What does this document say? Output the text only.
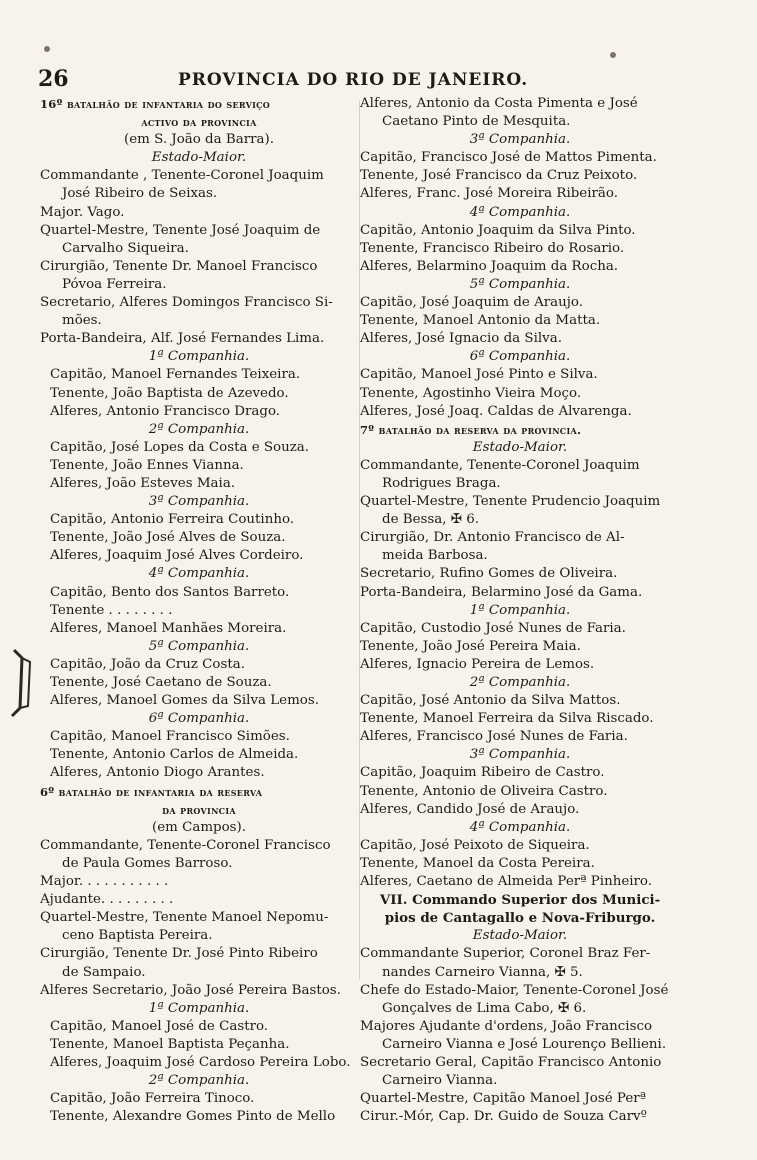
26	PROVINCIA DO RIO DE JANEIRO.
16º batalhão de infantaria do serviço
activo da provincia
(em S. João da Barra).
Estado-Maior.
Commandante , Tenente-Coronel Joaquim
José Ribeiro de Seixas.
Major. Vago.
Quartel-Mestre, Tenente José Joaquim de
Carvalho Siqueira.
Cirurgião, Tenente Dr. Manoel Francisco
Póvoa Ferreira.
Secretario, Alferes Domingos Francisco Si-
mões.
Porta-Bandeira, Alf. José Fernandes Lima.
1ª Companhia.
Capitão, Manoel Fernandes Teixeira.
Tenente, João Baptista de Azevedo.
Alferes, Antonio Francisco Drago.
2ª Companhia.
Capitão, José Lopes da Costa e Souza.
Tenente, João Ennes Vianna.
Alferes, João Esteves Maia.
3ª Companhia.
Capitão, Antonio Ferreira Coutinho.
Tenente, João José Alves de Souza.
Alferes, Joaquim José Alves Cordeiro.
4ª Companhia.
Capitão, Bento dos Santos Barreto.
Tenente . . . . . . . .
Alferes, Manoel Manhães Moreira.
5ª Companhia.
Capitão, João da Cruz Costa.
Tenente, José Caetano de Souza.
Alferes, Manoel Gomes da Silva Lemos.
6ª Companhia.
Capitão, Manoel Francisco Simões.
Tenente, Antonio Carlos de Almeida.
Alferes, Antonio Diogo Arantes.
6º batalhão de infantaria da reserva
da provincia
(em Campos).
Commandante, Tenente-Coronel Francisco
de Paula Gomes Barroso.
Major. . . . . . . . . . .
Ajudante. . . . . . . . .
Quartel-Mestre, Tenente Manoel Nepomu-
ceno Baptista Pereira.
Cirurgião, Tenente Dr. José Pinto Ribeiro
de Sampaio.
Alferes Secretario, João José Pereira Bastos.
1ª Companhia.
Capitão, Manoel José de Castro.
Tenente, Manoel Baptista Peçanha.
Alferes, Joaquim José Cardoso Pereira Lobo.
2ª Companhia.
Capitão, João Ferreira Tinoco.
Tenente, Alexandre Gomes Pinto de Mello
Alferes, Antonio da Costa Pimenta e José
Caetano Pinto de Mesquita.
3ª Companhia.
Capitão, Francisco José de Mattos Pimenta.
Tenente, José Francisco da Cruz Peixoto.
Alferes, Franc. José Moreira Ribeirão.
4ª Companhia.
Capitão, Antonio Joaquim da Silva Pinto.
Tenente, Francisco Ribeiro do Rosario.
Alferes, Belarmino Joaquim da Rocha.
5ª Companhia.
Capitão, José Joaquim de Araujo.
Tenente, Manoel Antonio da Matta.
Alferes, José Ignacio da Silva.
6ª Companhia.
Capitão, Manoel José Pinto e Silva.
Tenente, Agostinho Vieira Moço.
Alferes, José Joaq. Caldas de Alvarenga.
7º batalhão da reserva da provincia.
Estado-Maior.
Commandante, Tenente-Coronel Joaquim
Rodrigues Braga.
Quartel-Mestre, Tenente Prudencio Joaquim
de Bessa, ✠ 6.
Cirurgião, Dr. Antonio Francisco de Al-
meida Barbosa.
Secretario, Rufino Gomes de Oliveira.
Porta-Bandeira, Belarmino José da Gama.
1ª Companhia.
Capitão, Custodio José Nunes de Faria.
Tenente, João José Pereira Maia.
Alferes, Ignacio Pereira de Lemos.
2ª Companhia.
Capitão, José Antonio da Silva Mattos.
Tenente, Manoel Ferreira da Silva Riscado.
Alferes, Francisco José Nunes de Faria.
3ª Companhia.
Capitão, Joaquim Ribeiro de Castro.
Tenente, Antonio de Oliveira Castro.
Alferes, Candido José de Araujo.
4ª Companhia.
Capitão, José Peixoto de Siqueira.
Tenente, Manoel da Costa Pereira.
Alferes, Caetano de Almeida Perª Pinheiro.
VII. Commando Superior dos Munici-
pios de Cantagallo e Nova-Friburgo.
Estado-Maior.
Commandante Superior, Coronel Braz Fer-
nandes Carneiro Vianna, ✠ 5.
Chefe do Estado-Maior, Tenente-Coronel José
Gonçalves de Lima Cabo, ✠ 6.
Majores Ajudante d'ordens, João Francisco
Carneiro Vianna e José Lourenço Bellieni.
Secretario Geral, Capitão Francisco Antonio
Carneiro Vianna.
Quartel-Mestre, Capitão Manoel José Perª
Cirur.-Mór, Cap. Dr. Guido de Souza Carvº
